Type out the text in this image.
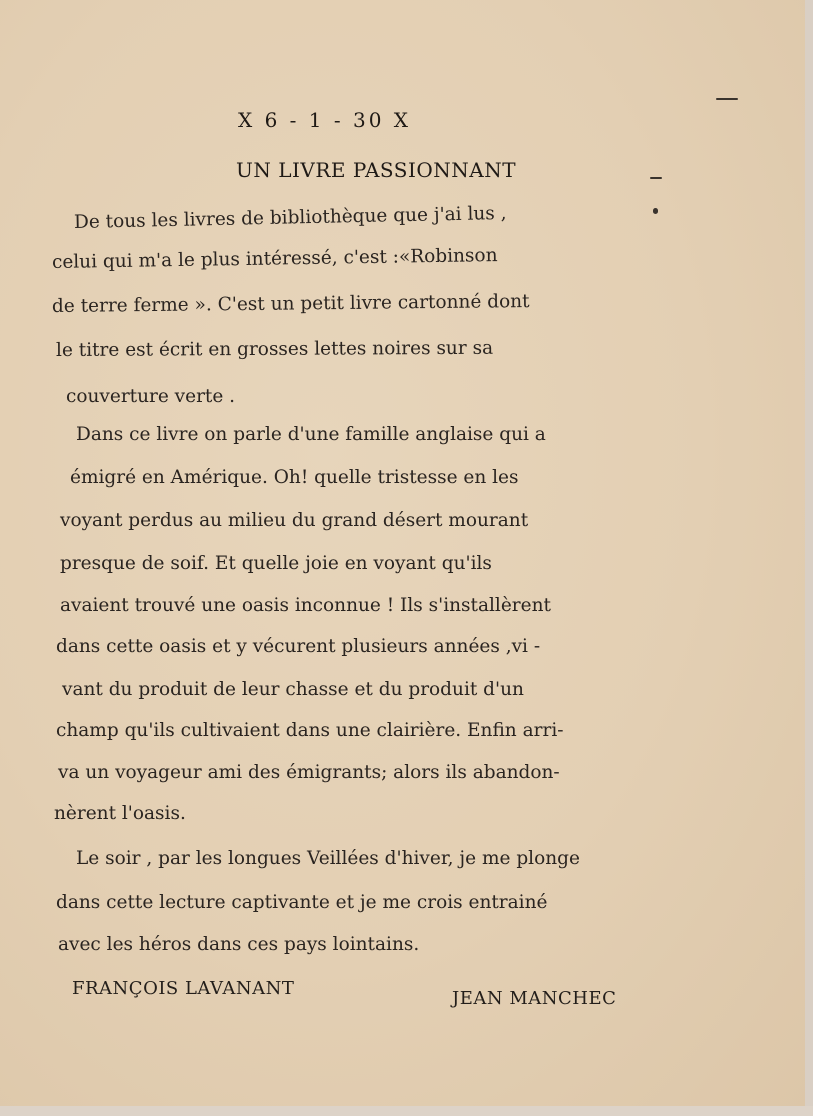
X 6 - 1 - 30 X
UN LIVRE PASSIONNANT
De tous les livres de bibliothèque que j'ai lus ,
celui qui m'a le plus intéressé, c'est :«Robinson
de terre ferme ». C'est un petit livre cartonné dont
le titre est écrit en grosses lettes noires sur sa
couverture verte .
Dans ce livre on parle d'une famille anglaise qui a
émigré en Amérique. Oh! quelle tristesse en les
voyant perdus au milieu du grand désert mourant
presque de soif. Et quelle joie en voyant qu'ils
avaient trouvé une oasis inconnue ! Ils s'installèrent
dans cette oasis et y vécurent plusieurs années ,vi -
vant du produit de leur chasse et du produit d'un
champ qu'ils cultivaient dans une clairière. Enfin arri-
va un voyageur ami des émigrants; alors ils abandon-
nèrent l'oasis.
Le soir , par les longues Veillées d'hiver, je me plonge
dans cette lecture captivante et je me crois entrainé
avec les héros dans ces pays lointains.
FRANÇOIS LAVANANT	JEAN MANCHEC
